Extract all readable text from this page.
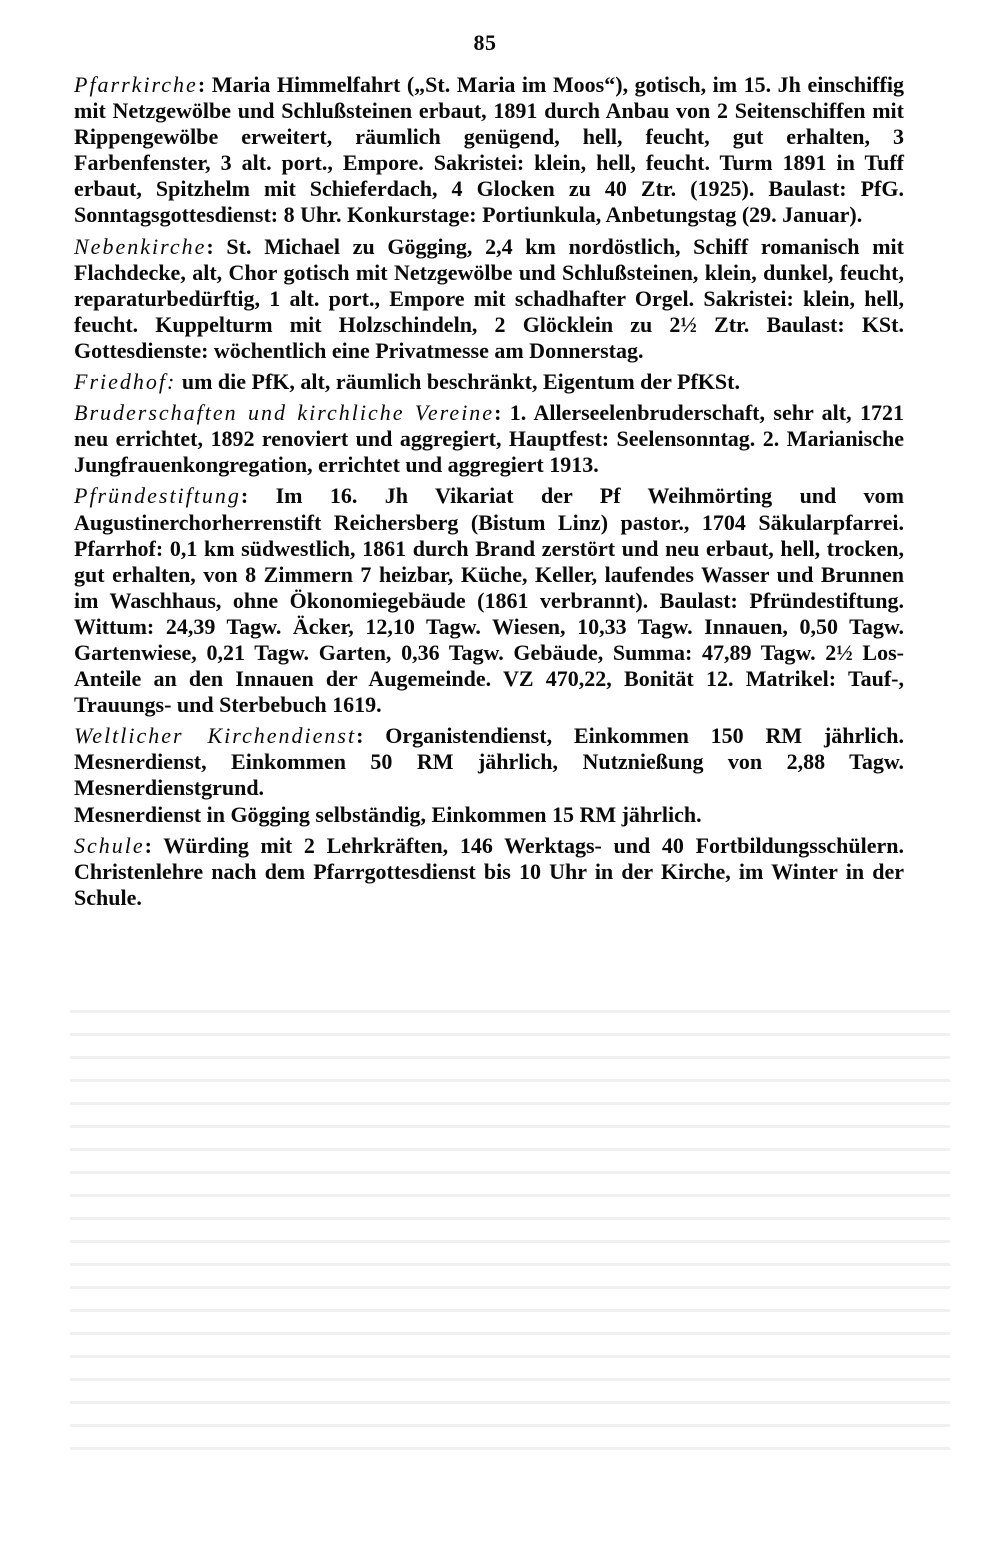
85

Pfarrkirche: Maria Himmelfahrt („St. Maria im Moos“), gotisch, im 15. Jh einschiffig mit Netzgewölbe und Schlußsteinen erbaut, 1891 durch Anbau von 2 Seitenschiffen mit Rippengewölbe erweitert, räumlich genügend, hell, feucht, gut erhalten, 3 Farbenfenster, 3 alt. port., Empore. Sakristei: klein, hell, feucht. Turm 1891 in Tuff erbaut, Spitzhelm mit Schieferdach, 4 Glocken zu 40 Ztr. (1925). Baulast: PfG. Sonntagsgottesdienst: 8 Uhr. Konkurstage: Portiunkula, Anbetungstag (29. Januar).

Nebenkirche: St. Michael zu Gögging, 2,4 km nordöstlich, Schiff romanisch mit Flachdecke, alt, Chor gotisch mit Netzgewölbe und Schlußsteinen, klein, dunkel, feucht, reparaturbedürftig, 1 alt. port., Empore mit schadhafter Orgel. Sakristei: klein, hell, feucht. Kuppelturm mit Holzschindeln, 2 Glöcklein zu 2½ Ztr. Baulast: KSt. Gottesdienste: wöchentlich eine Privatmesse am Donnerstag.

Friedhof: um die PfK, alt, räumlich beschränkt, Eigentum der PfKSt.

Bruderschaften und kirchliche Vereine: 1. Allerseelenbruderschaft, sehr alt, 1721 neu errichtet, 1892 renoviert und aggregiert, Hauptfest: Seelensonntag. 2. Marianische Jungfrauenkongregation, errichtet und aggregiert 1913.

Pfründestiftung: Im 16. Jh Vikariat der Pf Weihmörting und vom Augustinerchorherrenstift Reichersberg (Bistum Linz) pastor., 1704 Säkularpfarrei. Pfarrhof: 0,1 km südwestlich, 1861 durch Brand zerstört und neu erbaut, hell, trocken, gut erhalten, von 8 Zimmern 7 heizbar, Küche, Keller, laufendes Wasser und Brunnen im Waschhaus, ohne Ökonomiegebäude (1861 verbrannt). Baulast: Pfründestiftung. Wittum: 24,39 Tagw. Äcker, 12,10 Tagw. Wiesen, 10,33 Tagw. Innauen, 0,50 Tagw. Gartenwiese, 0,21 Tagw. Garten, 0,36 Tagw. Gebäude, Summa: 47,89 Tagw. 2½ Los-Anteile an den Innauen der Augemeinde. VZ 470,22, Bonität 12. Matrikel: Tauf-, Trauungs- und Sterbebuch 1619.

Weltlicher Kirchendienst: Organistendienst, Einkommen 150 RM jährlich. Mesnerdienst, Einkommen 50 RM jährlich, Nutznießung von 2,88 Tagw. Mesnerdienstgrund.

Mesnerdienst in Gögging selbständig, Einkommen 15 RM jährlich.

Schule: Würding mit 2 Lehrkräften, 146 Werktags- und 40 Fortbildungsschülern. Christenlehre nach dem Pfarrgottesdienst bis 10 Uhr in der Kirche, im Winter in der Schule.
